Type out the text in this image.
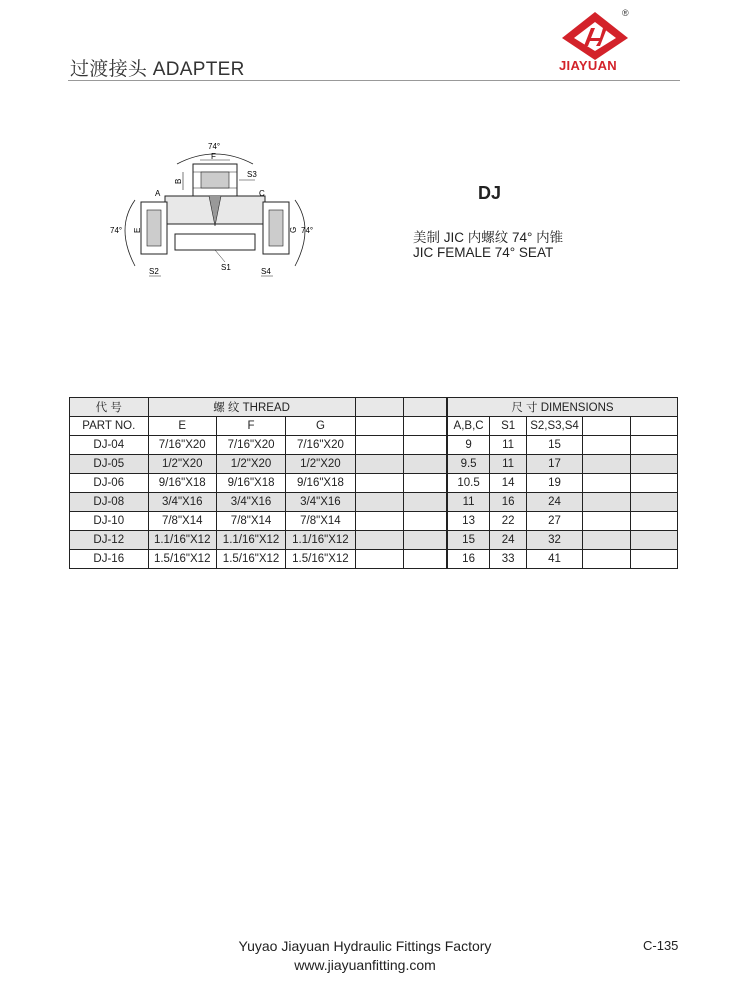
过渡接头 ADAPTER
®
JIAYUAN
74°
F
B
S3
A
E
C
G
S1
74°	74°
S2	S4
DJ
美制 JIC 内螺纹 74° 内锥
JIC FEMALE 74° SEAT
代 号	螺 纹 THREAD					尺 寸 DIMENSIONS				
PART NO.	E	F	G			A,B,C	S1	S2,S3,S4		
DJ-04	7/16"X20	7/16"X20	7/16"X20			9	11	15		
DJ-05	1/2"X20	1/2"X20	1/2"X20			9.5	11	17		
DJ-06	9/16"X18	9/16"X18	9/16"X18			10.5	14	19		
DJ-08	3/4"X16	3/4"X16	3/4"X16			11	16	24		
DJ-10	7/8"X14	7/8"X14	7/8"X14			13	22	27		
DJ-12	1.1/16"X12	1.1/16"X12	1.1/16"X12			15	24	32		
DJ-16	1.5/16"X12	1.5/16"X12	1.5/16"X12			16	33	41		
Yuyao Jiayuan Hydraulic Fittings Factory
www.jiayuanfitting.com
C-135
